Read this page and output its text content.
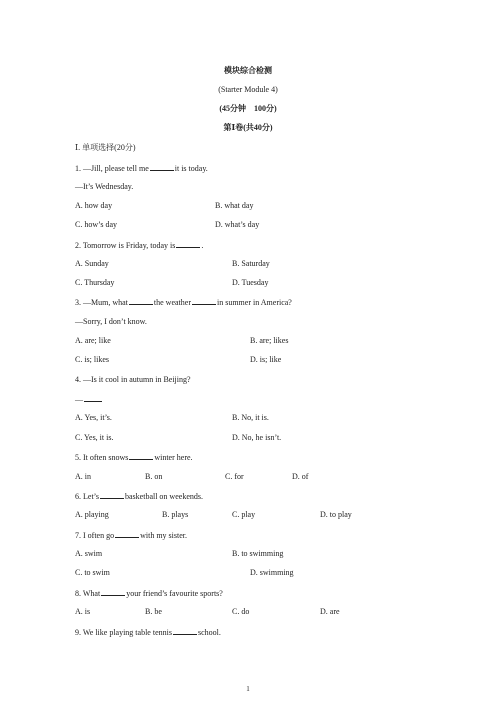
模块综合检测
(Starter Module 4)
(45分钟　100分)
第Ⅰ卷(共40分)
Ⅰ. 单项选择(20分)
1. —Jill, please tell me	it is today.
—It’s Wednesday.
A. how day	B. what day
C. how’s day	D. what’s day
2. Tomorrow is Friday, today is	.
A. Sunday	B. Saturday
C. Thursday	D. Tuesday
3. —Mum, what	the weather	in summer in America?
—Sorry, I don’t know.
A. are; like	B. are; likes
C. is; likes	D. is; like
4. —Is it cool in autumn in Beijing?
—
A. Yes, it’s.	B. No, it is.
C. Yes, it is.	D. No, he isn’t.
5. It often snows	winter here.
A. in	B. on	C. for	D. of
6. Let’s	basketball on weekends.
A. playing	B. plays	C. play	D. to play
7. I often go	with my sister.
A. swim	B. to swimming
C. to swim	D. swimming
8. What	your friend’s favourite sports?
A. is	B. be	C. do	D. are
9. We like playing table tennis	school.
1
